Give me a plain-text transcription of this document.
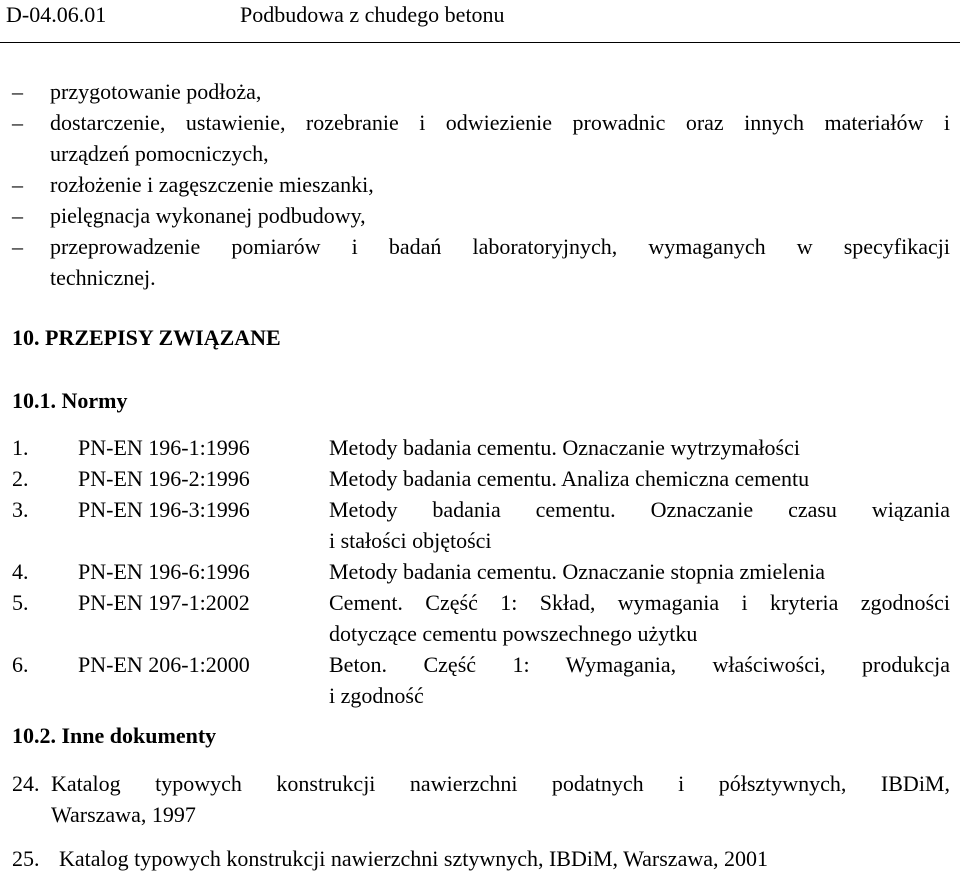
D-04.06.01	Podbudowa z chudego betonu
– przygotowanie podłoża,
– dostarczenie, ustawienie, rozebranie i odwiezienie prowadnic oraz innych materiałów i
urządzeń pomocniczych,
– rozłożenie i zagęszczenie mieszanki,
– pielęgnacja wykonanej podbudowy,
– przeprowadzenie pomiarów i badań laboratoryjnych, wymaganych w specyfikacji
technicznej.
10. PRZEPISY ZWIĄZANE
10.1. Normy
1. PN-EN 196-1:1996	Metody badania cementu. Oznaczanie wytrzymałości
2. PN-EN 196-2:1996	Metody badania cementu. Analiza chemiczna cementu
3. PN-EN 196-3:1996	Metody badania cementu. Oznaczanie czasu wiązania
i stałości objętości
4. PN-EN 196-6:1996	Metody badania cementu. Oznaczanie stopnia zmielenia
5. PN-EN 197-1:2002	Cement. Część 1: Skład, wymagania i kryteria zgodności
dotyczące cementu powszechnego użytku
6. PN-EN 206-1:2000	Beton. Część 1: Wymagania, właściwości, produkcja
i zgodność
10.2. Inne dokumenty
24. Katalog typowych konstrukcji nawierzchni podatnych i półsztywnych, IBDiM,
Warszawa, 1997
25. Katalog typowych konstrukcji nawierzchni sztywnych, IBDiM, Warszawa, 2001
